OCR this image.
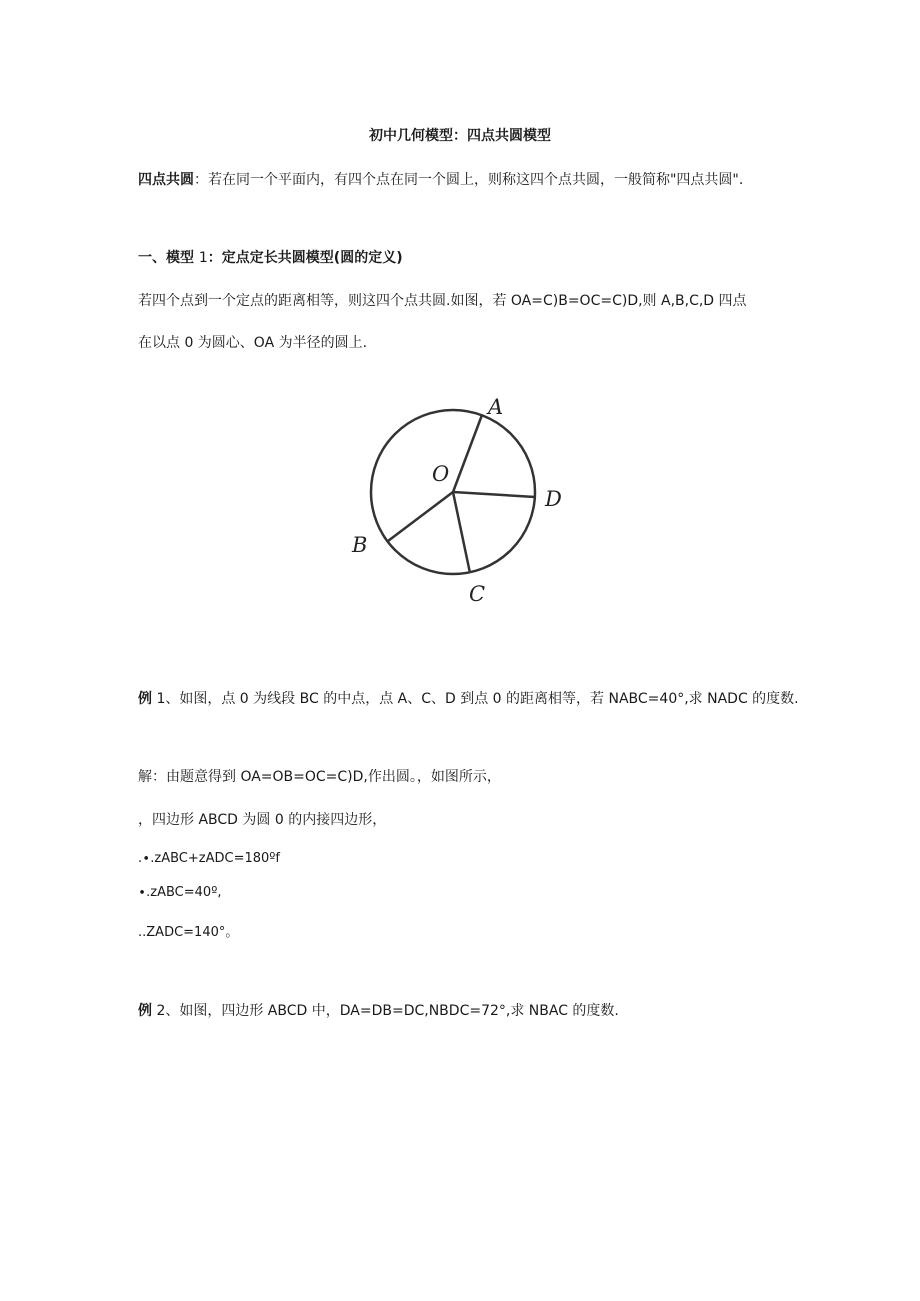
初中几何模型：四点共圆模型

四点共圆：若在同一个平面内，有四个点在同一个圆上，则称这四个点共圆，一般简称"四点共圆".

一、模型 1：定点定长共圆模型(圆的定义)

若四个点到一个定点的距离相等，则这四个点共圆.如图，若 OA=C)B=OC=C)D,则 A,B,C,D 四点

在以点 0 为圆心、OA 为半径的圆上.

A
B
C
D
O

例 1、如图，点 0 为线段 BC 的中点，点 A、C、D 到点 0 的距离相等，若 NABC=40°,求 NADC 的度数.

解：由题意得到 OA=OB=OC=C)D,作出圆。，如图所示，

，四边形 ABCD 为圆 0 的内接四边形，

.∙.zABC+zADC=180ºf

∙.zABC=40º,

..ZADC=140°。

例 2、如图，四边形 ABCD 中，DA=DB=DC,NBDC=72°,求 NBAC 的度数.
